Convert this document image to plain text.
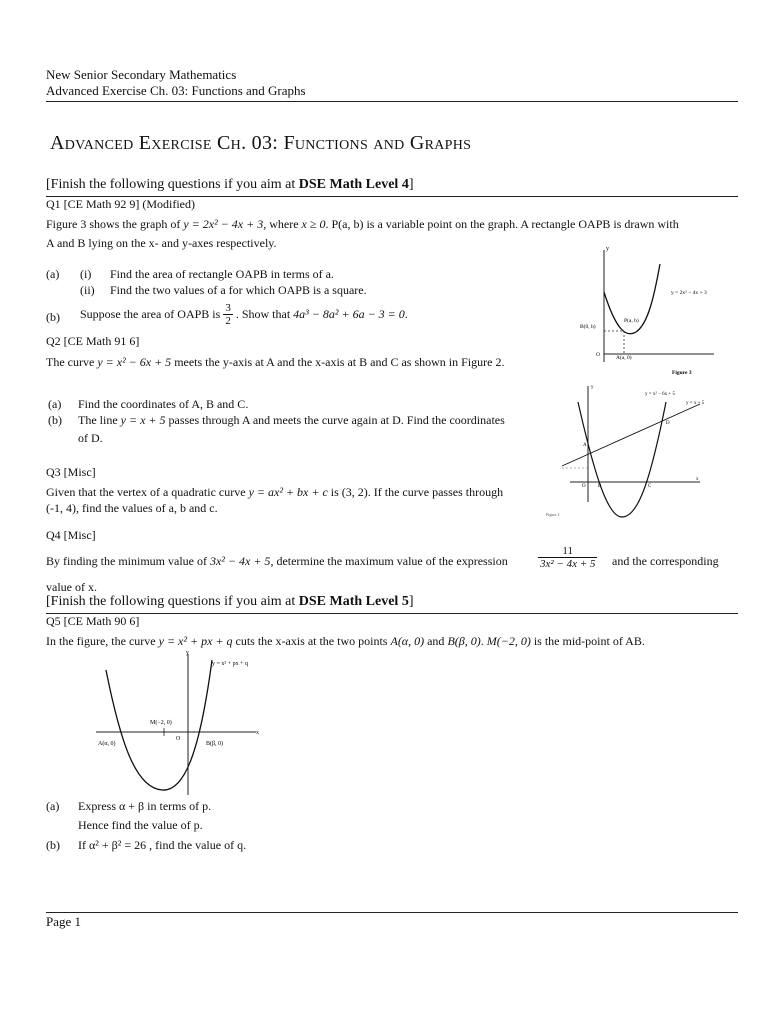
New Senior Secondary Mathematics
Advanced Exercise Ch. 03: Functions and Graphs
Advanced Exercise Ch. 03: Functions and Graphs
[Finish the following questions if you aim at DSE Math Level 4]
Q1 [CE Math 92 9] (Modified)
Figure 3 shows the graph of y = 2x² − 4x + 3, where x ≥ 0. P(a, b) is a variable point on the graph. A rectangle OAPB is drawn with
A and B lying on the x- and y-axes respectively.
(a) (i) Find the area of rectangle OAPB in terms of a.
(ii) Find the two values of a for which OAPB is a square.
(b) Suppose the area of OAPB is $\frac{3}{2}$ . Show that 4a³ − 8a² + 6a − 3 = 0.
Q2 [CE Math 91 6]
The curve y = x² − 6x + 5 meets the y-axis at A and the x-axis at B and C as shown in Figure 2.
(a) Find the coordinates of A, B and C.
(b) The line y = x + 5 passes through A and meets the curve again at D. Find the coordinates
of D.
Q3 [Misc]
Given that the vertex of a quadratic curve y = ax² + bx + c is (3, 2). If the curve passes through
(-1, 4), find the values of a, b and c.
Q4 [Misc]
By finding the minimum value of 3x² − 4x + 5, determine the maximum value of the expression	$\frac{11}{\text{3x² − 4x + 5}}$ and the corresponding
value of x.
[Finish the following questions if you aim at DSE Math Level 5]
Q5 [CE Math 90 6]
In the figure, the curve y = x² + px + q cuts the x-axis at the two points A(α, 0) and B(β, 0). M(−2, 0) is the mid-point of AB.
(a) Express α + β in terms of p.
Hence find the value of p.
(b) If α² + β² = 26 , find the value of q.
y
y = 2x² − 4x + 3
P(a, b)
B(0, b)
O	A(a, 0)
Figure 3
y
y = x² − 6x + 5
y = x + 5
D
A
O B	C
x
Figure 2
y
y = x² + px + q
M(−2, 0)
x
O
A(α, 0)	B(β, 0)
Page 1
